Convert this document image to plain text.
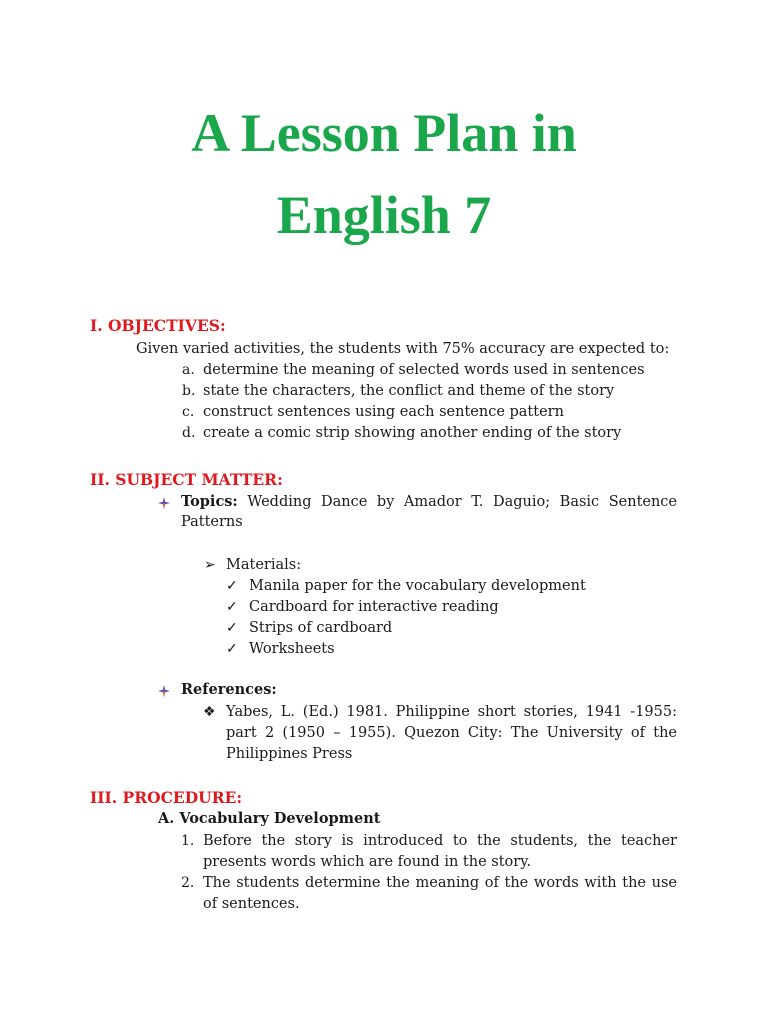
A Lesson Plan in
English 7
I. OBJECTIVES:
Given varied activities, the students with 75% accuracy are expected to:
a. determine the meaning of selected words used in sentences
b. state the characters, the conflict and theme of the story
c. construct sentences using each sentence pattern
d. create a comic strip showing another ending of the story
II. SUBJECT MATTER:
Topics: Wedding Dance by Amador T. Daguio; Basic Sentence
Patterns
➢ Materials:
✓ Manila paper for the vocabulary development
✓ Cardboard for interactive reading
✓ Strips of cardboard
✓ Worksheets
References:
❖ Yabes, L. (Ed.) 1981. Philippine short stories, 1941 -1955:
part 2 (1950 – 1955). Quezon City: The University of the
Philippines Press
III. PROCEDURE:
A. Vocabulary Development
1. Before the story is introduced to the students, the teacher
presents words which are found in the story.
2. The students determine the meaning of the words with the use
of sentences.
